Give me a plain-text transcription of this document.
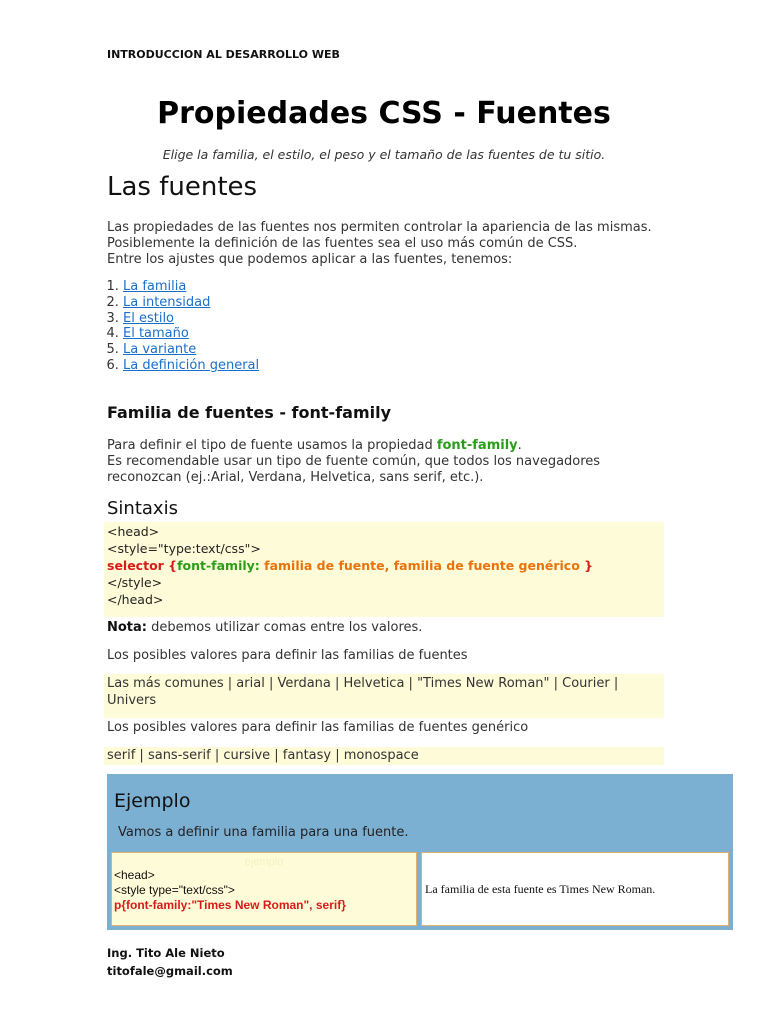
INTRODUCCION AL DESARROLLO WEB
Propiedades CSS - Fuentes
Elige la familia, el estilo, el peso y el tamaño de las fuentes de tu sitio.
Las fuentes
Las propiedades de las fuentes nos permiten controlar la apariencia de las mismas.
Posiblemente la definición de las fuentes sea el uso más común de CSS.
Entre los ajustes que podemos aplicar a las fuentes, tenemos:
1. La familia
2. La intensidad
3. El estilo
4. El tamaño
5. La variante
6. La definición general
Familia de fuentes - font-family
Para definir el tipo de fuente usamos la propiedad font-family.
Es recomendable usar un tipo de fuente común, que todos los navegadores reconozcan (ej.:Arial, Verdana, Helvetica, sans serif, etc.).
Sintaxis
<head>
<style="type:text/css">
selector {font-family: familia de fuente, familia de fuente genérico }
</style>
</head>
Nota: debemos utilizar comas entre los valores.
Los posibles valores para definir las familias de fuentes
Las más comunes | arial | Verdana | Helvetica | "Times New Roman" | Courier | Univers
Los posibles valores para definir las familias de fuentes genérico
serif | sans-serif | cursive | fantasy | monospace
Ejemplo
Vamos a definir una familia para una fuente.
ejemplo
<head>
<style type="text/css">
p{font-family:"Times New Roman", serif}
La familia de esta fuente es Times New Roman.
Ing. Tito Ale Nieto
titofale@gmail.com
